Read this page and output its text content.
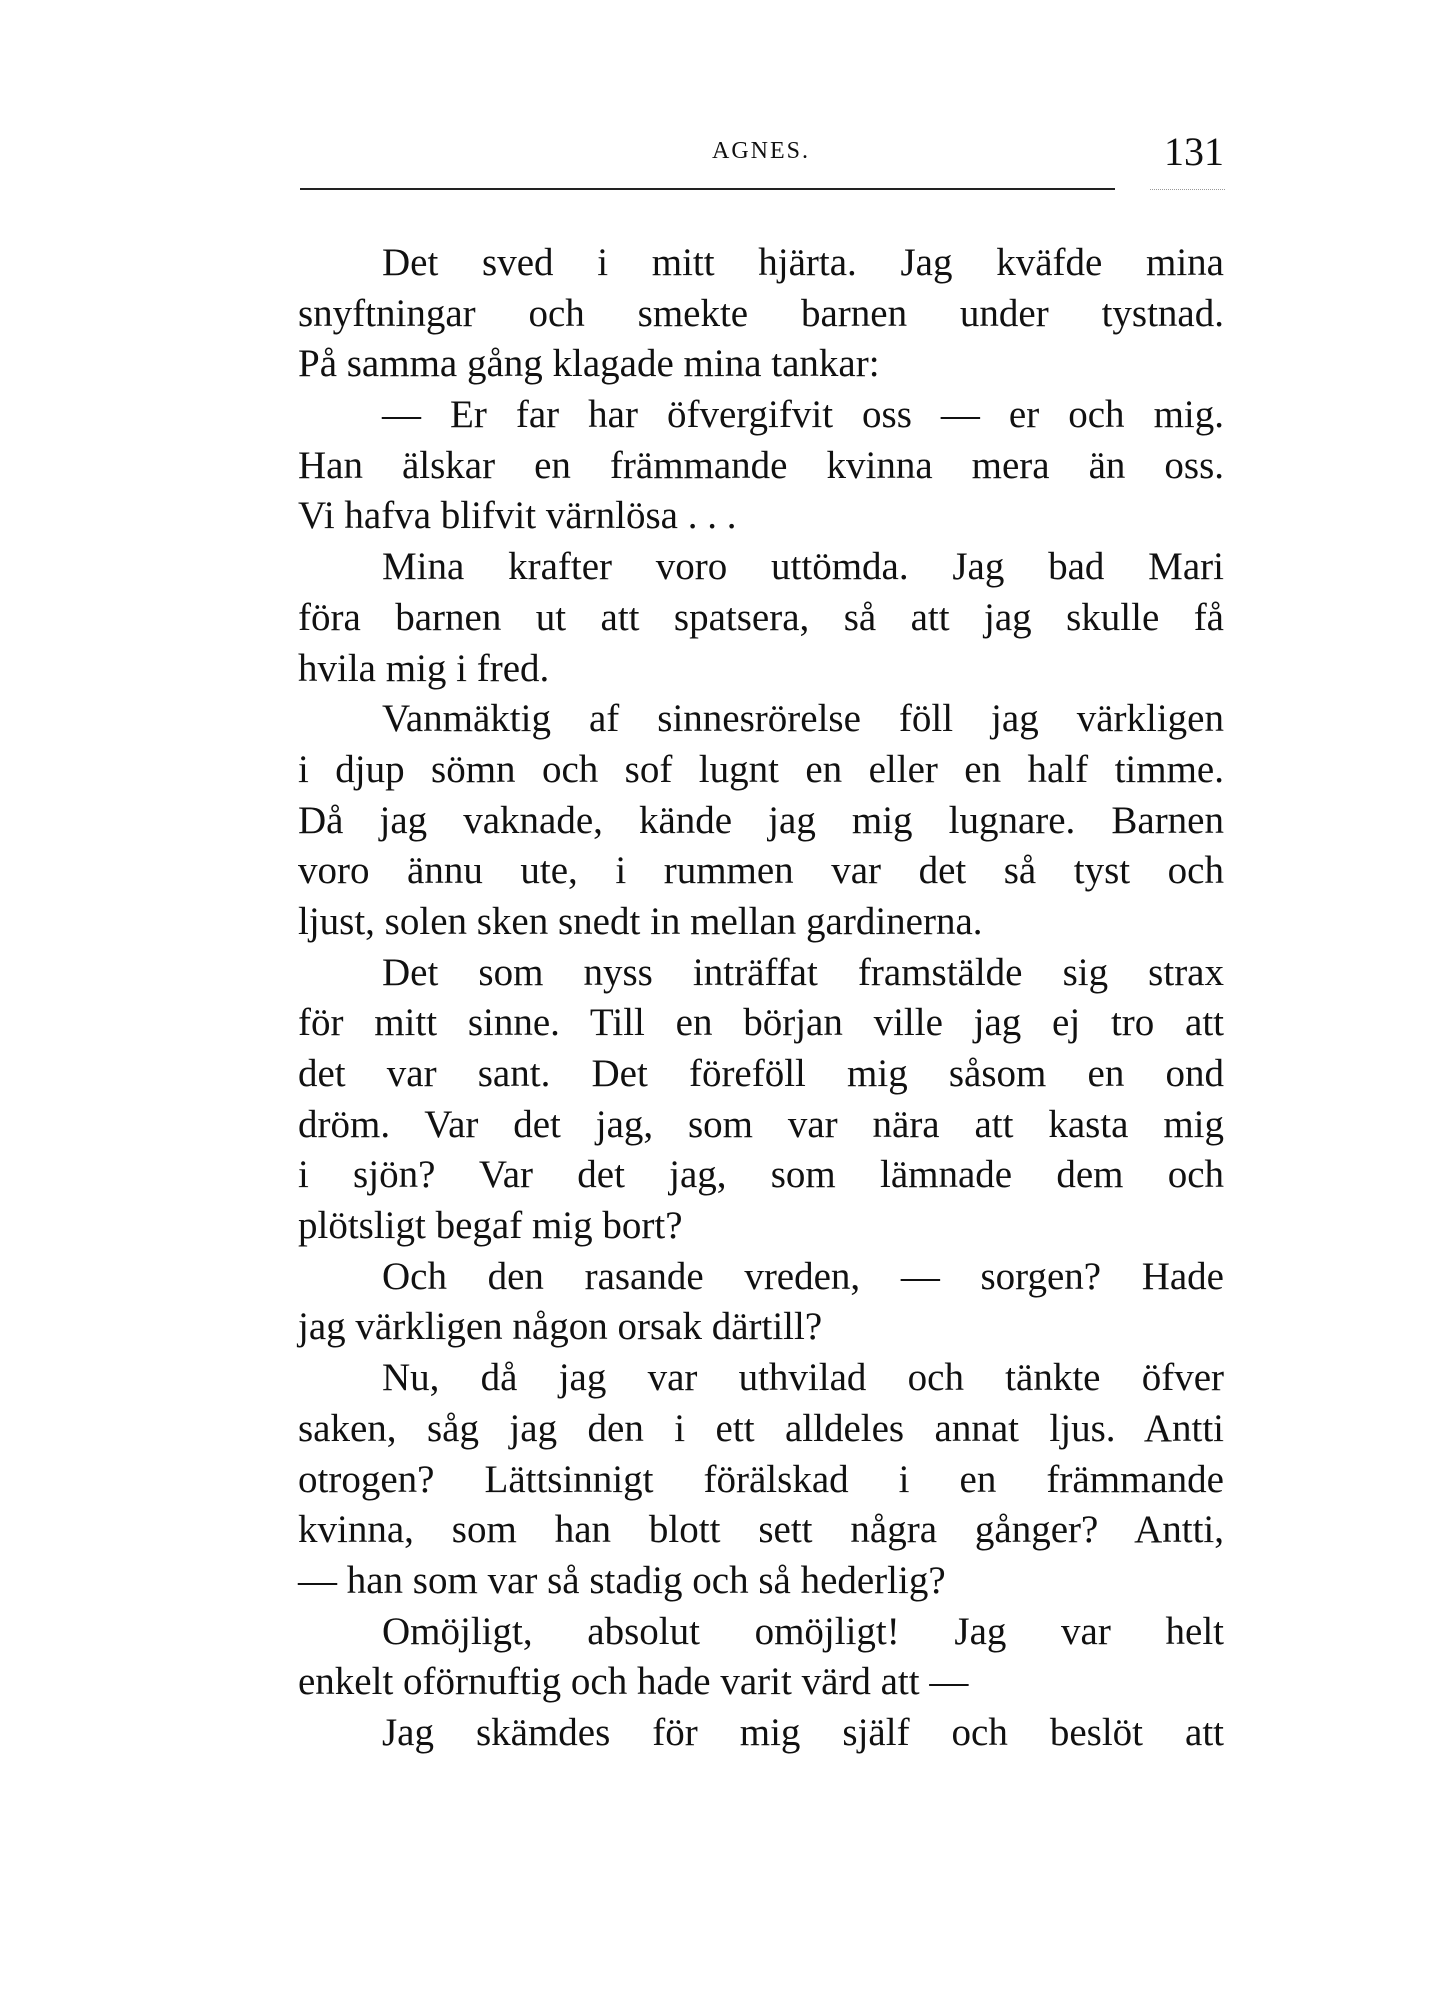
AGNES.	131
Det sved i mitt hjärta. Jag kväfde mina
snyftningar och smekte barnen under tystnad.
På samma gång klagade mina tankar:
— Er far har öfvergifvit oss — er och mig.
Han älskar en främmande kvinna mera än oss.
Vi hafva blifvit värnlösa . . .
Mina krafter voro uttömda. Jag bad Mari
föra barnen ut att spatsera, så att jag skulle få
hvila mig i fred.
Vanmäktig af sinnesrörelse föll jag värkligen
i djup sömn och sof lugnt en eller en half timme.
Då jag vaknade, kände jag mig lugnare. Barnen
voro ännu ute, i rummen var det så tyst och
ljust, solen sken snedt in mellan gardinerna.
Det som nyss inträffat framstälde sig strax
för mitt sinne. Till en början ville jag ej tro att
det var sant. Det föreföll mig såsom en ond
dröm. Var det jag, som var nära att kasta mig
i sjön? Var det jag, som lämnade dem och
plötsligt begaf mig bort?
Och den rasande vreden, — sorgen? Hade
jag värkligen någon orsak därtill?
Nu, då jag var uthvilad och tänkte öfver
saken, såg jag den i ett alldeles annat ljus. Antti
otrogen? Lättsinnigt förälskad i en främmande
kvinna, som han blott sett några gånger? Antti,
— han som var så stadig och så hederlig?
Omöjligt, absolut omöjligt! Jag var helt
enkelt oförnuftig och hade varit värd att —
Jag skämdes för mig själf och beslöt att
